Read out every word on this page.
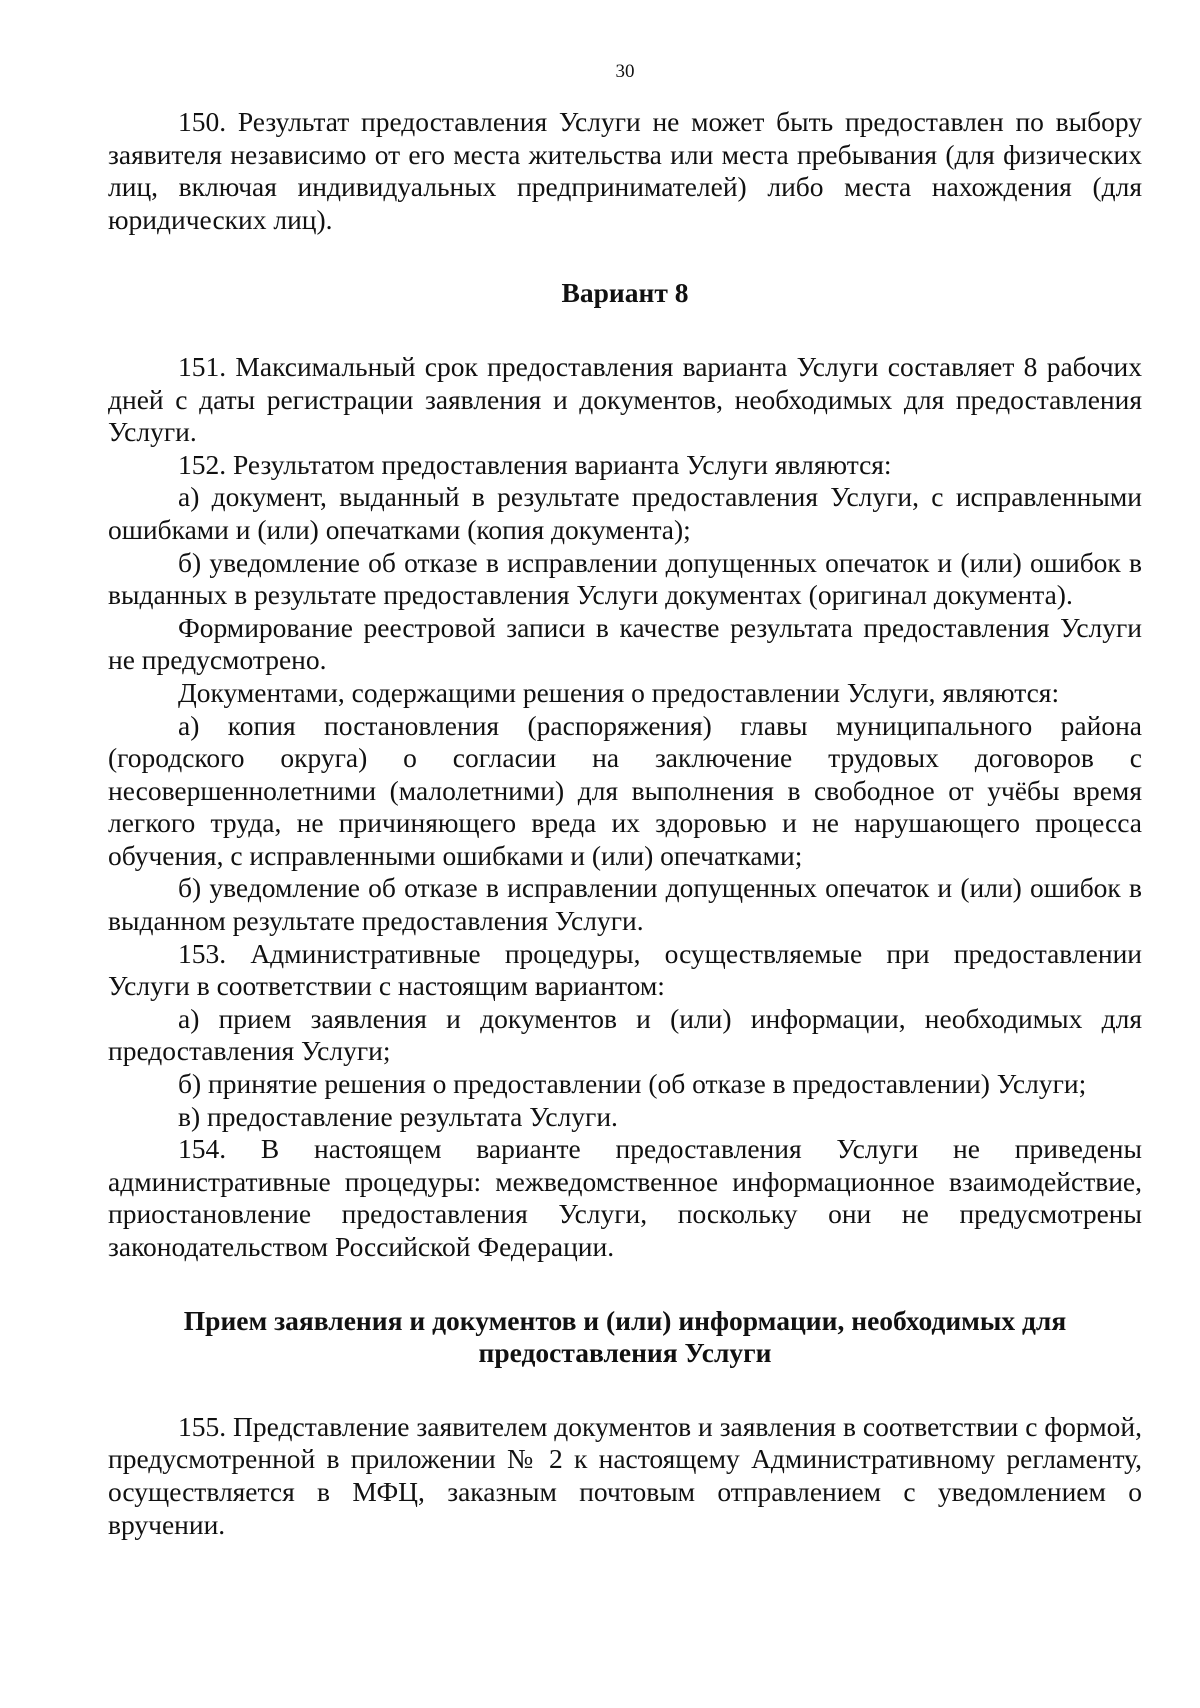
30

150. Результат предоставления Услуги не может быть предоставлен по выбору заявителя независимо от его места жительства или места пребывания (для физических лиц, включая индивидуальных предпринимателей) либо места нахождения (для юридических лиц).

Вариант 8

151. Максимальный срок предоставления варианта Услуги составляет 8 рабочих дней с даты регистрации заявления и документов, необходимых для предоставления Услуги.

152. Результатом предоставления варианта Услуги являются:

а) документ, выданный в результате предоставления Услуги, с исправленными ошибками и (или) опечатками (копия документа);

б) уведомление об отказе в исправлении допущенных опечаток и (или) ошибок в выданных в результате предоставления Услуги документах (оригинал документа).

Формирование реестровой записи в качестве результата предоставления Услуги не предусмотрено.

Документами, содержащими решения о предоставлении Услуги, являются:

а) копия постановления (распоряжения) главы муниципального района (городского округа) о согласии на заключение трудовых договоров с несовершеннолетними (малолетними) для выполнения в свободное от учёбы время легкого труда, не причиняющего вреда их здоровью и не нарушающего процесса обучения, с исправленными ошибками и (или) опечатками;

б) уведомление об отказе в исправлении допущенных опечаток и (или) ошибок в выданном результате предоставления Услуги.

153. Административные процедуры, осуществляемые при предоставлении Услуги в соответствии с настоящим вариантом:

а) прием заявления и документов и (или) информации, необходимых для предоставления Услуги;

б) принятие решения о предоставлении (об отказе в предоставлении) Услуги;

в) предоставление результата Услуги.

154. В настоящем варианте предоставления Услуги не приведены административные процедуры: межведомственное информационное взаимодействие, приостановление предоставления Услуги, поскольку они не предусмотрены законодательством Российской Федерации.

Прием заявления и документов и (или) информации, необходимых для
предоставления Услуги

155. Представление заявителем документов и заявления в соответствии с формой, предусмотренной в приложении № 2 к настоящему Административному регламенту, осуществляется в МФЦ, заказным почтовым отправлением с уведомлением о вручении.
